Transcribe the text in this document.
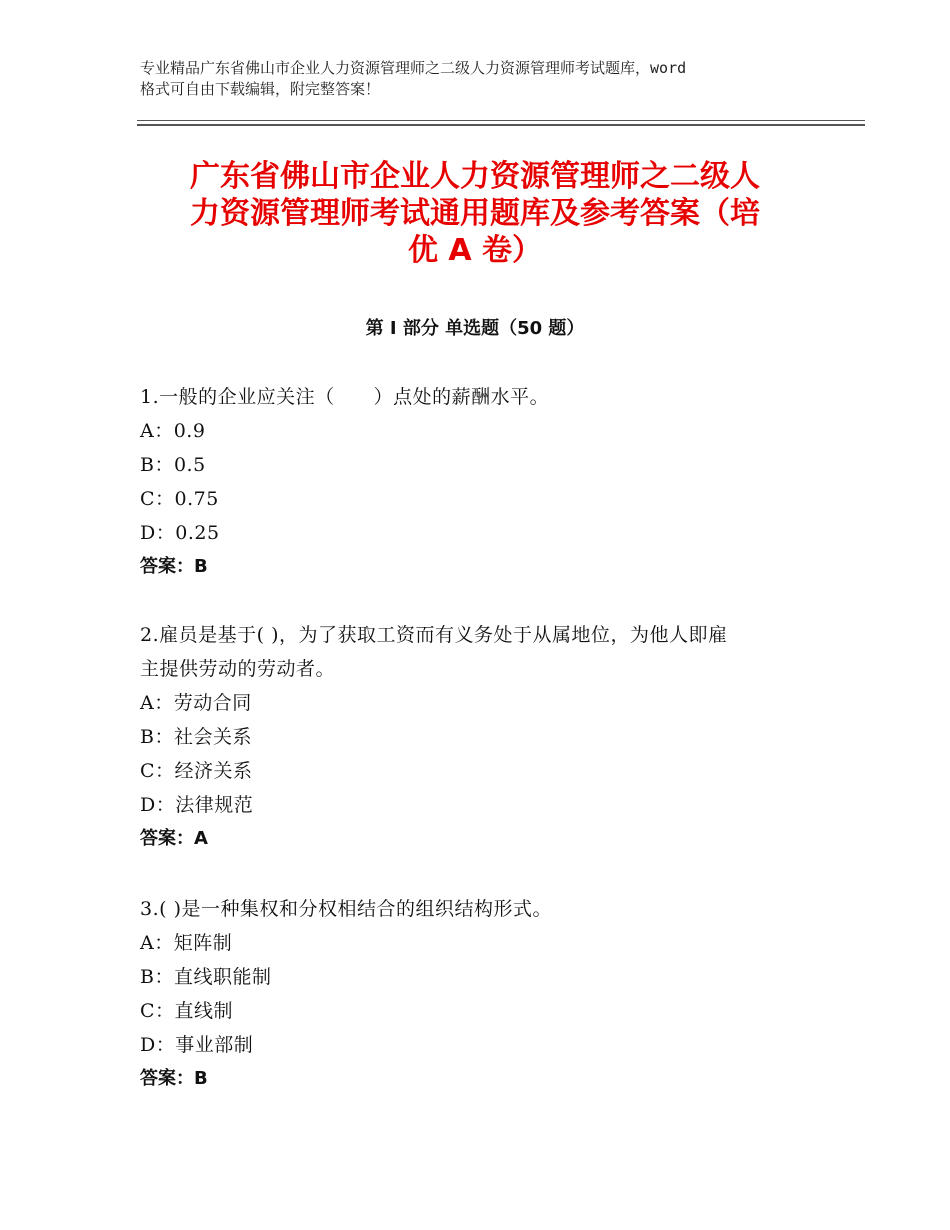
专业精品广东省佛山市企业人力资源管理师之二级人力资源管理师考试题库，word
格式可自由下载编辑，附完整答案！
广东省佛山市企业人力资源管理师之二级人
力资源管理师考试通用题库及参考答案（培
优 A 卷）
第 I 部分 单选题（50 题）
1.一般的企业应关注（　　）点处的薪酬水平。
A：0.9
B：0.5
C：0.75
D：0.25
答案：B
2.雇员是基于( )，为了获取工资而有义务处于从属地位，为他人即雇
主提供劳动的劳动者。
A：劳动合同
B：社会关系
C：经济关系
D：法律规范
答案：A
3.( )是一种集权和分权相结合的组织结构形式。
A：矩阵制
B：直线职能制
C：直线制
D：事业部制
答案：B
